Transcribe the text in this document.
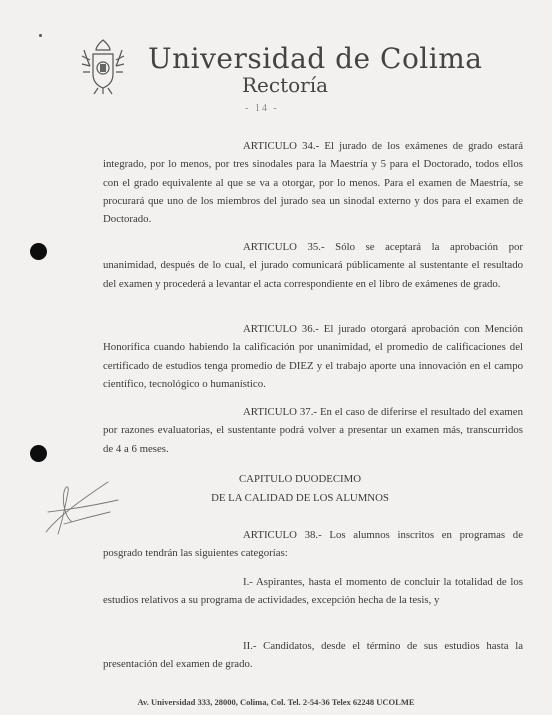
Universidad de Colima
Rectoría
- 14 -
ARTICULO 34.- El jurado de los exámenes de grado estará integrado, por lo menos, por tres sinodales para la Maestría y 5 para el Doctorado, todos ellos con el grado equivalente al que se va a otorgar, por lo menos. Para el examen de Maestría, se procurará que uno de los miembros del jurado sea un sinodal externo y dos para el examen de Doctorado.
ARTICULO 35.- Sólo se aceptará la aprobación por unanimidad, después de lo cual, el jurado comunicará públicamente al sustentante el resultado del examen y procederá a levantar el acta correspondiente en el libro de exámenes de grado.
ARTICULO 36.- El jurado otorgará aprobación con Mención Honorífica cuando habiendo la calificación por unanimidad, el promedio de calificaciones del certificado de estudios tenga promedio de DIEZ y el trabajo aporte una innovación en el campo científico, tecnológico o humanístico.
ARTICULO 37.- En el caso de diferirse el resultado del examen por razones evaluatorias, el sustentante podrá volver a presentar un examen más, transcurridos de 4 a 6 meses.
CAPITULO DUODECIMO
DE LA CALIDAD DE LOS ALUMNOS
ARTICULO 38.- Los alumnos inscritos en programas de posgrado tendrán las siguientes categorías:
I.- Aspirantes, hasta el momento de concluir la totalidad de los estudios relativos a su programa de actividades, excepción hecha de la tesis, y
II.- Candidatos, desde el término de sus estudios hasta la presentación del examen de grado.
Av. Universidad 333, 28000, Colima, Col. Tel. 2-54-36 Telex 62248 UCOLME
